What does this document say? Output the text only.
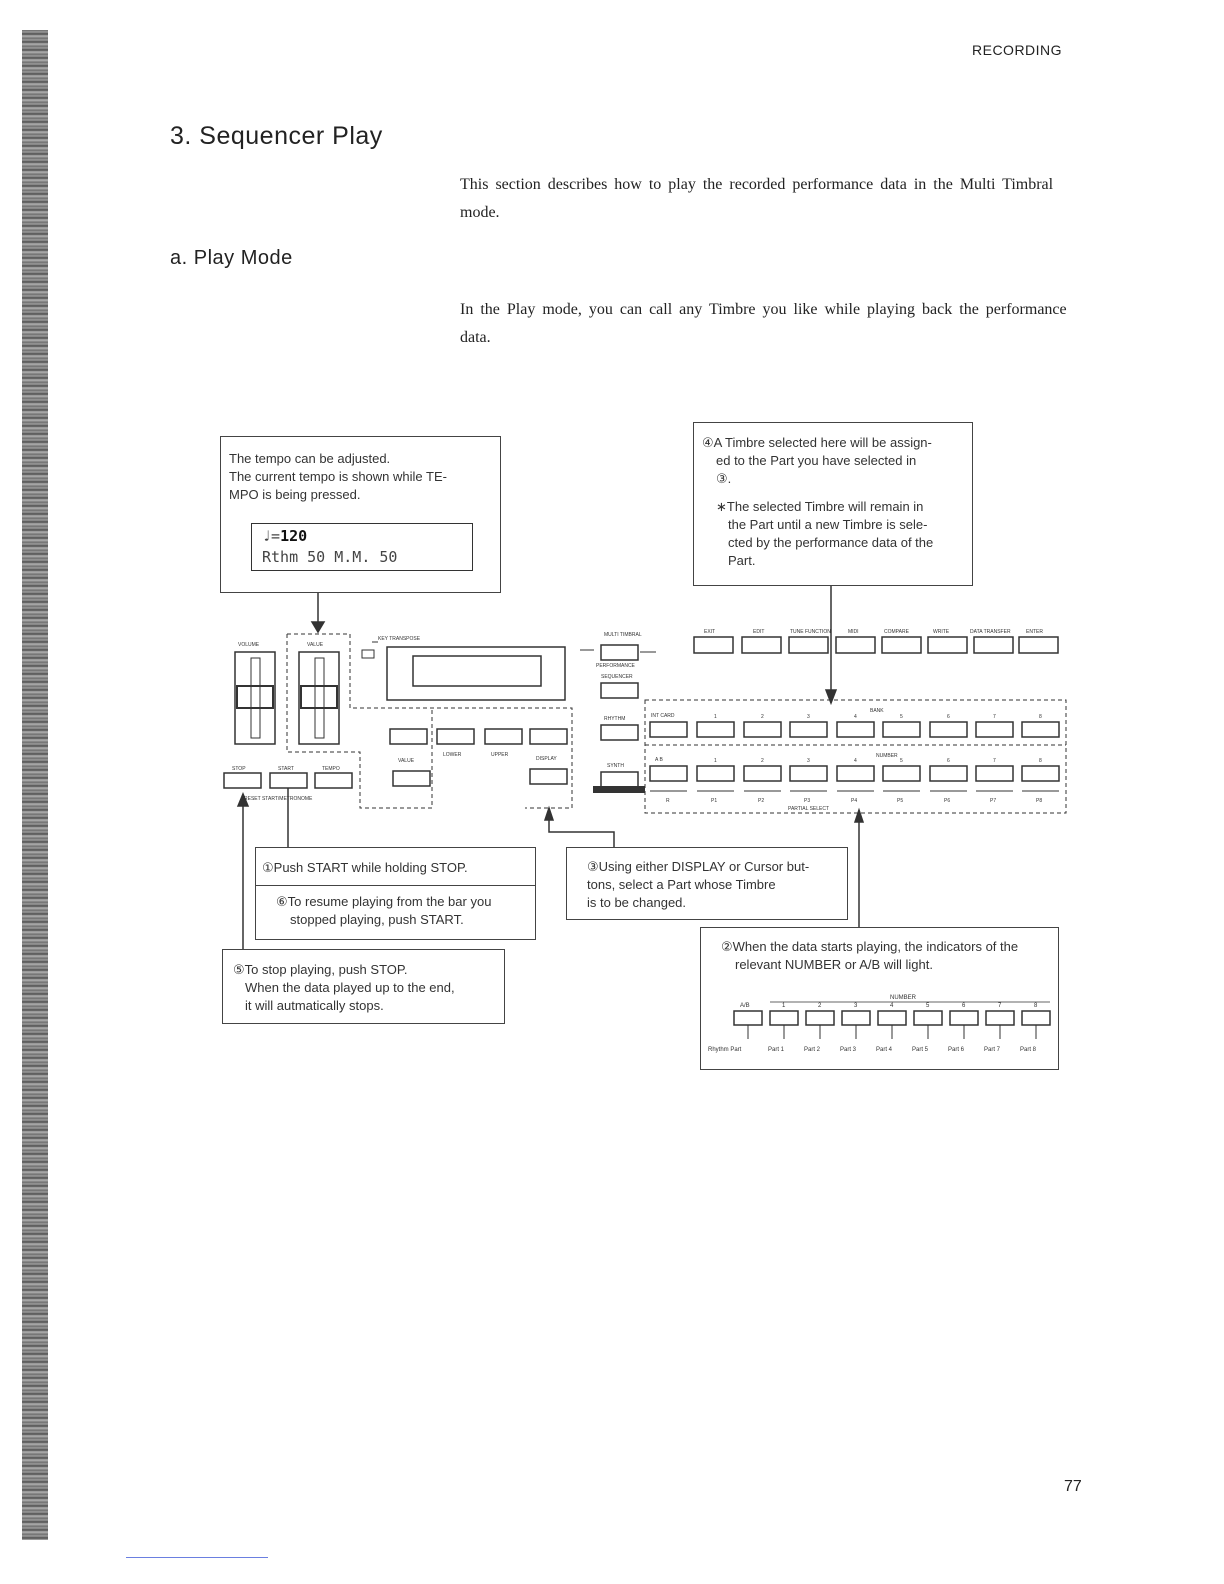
RECORDING
3. Sequencer Play
a. Play Mode
This section describes how to play the recorded performance data in the Multi Timbral mode.
In the Play mode, you can call any Timbre you like while playing back the performance data.
VOLUME	VALUE
KEY TRANSPOSE
STOP	START	TEMPO
RESET START/METRONOME
LOWER	UPPER
DISPLAY
VALUE
MULTI TIMBRAL
PERFORMANCE
SEQUENCER
RHYTHM
SYNTH
INT CARD
A B
BANK
NUMBER
PARTIAL SELECT
EXIT	EDIT	TUNE FUNCTION	MIDI	COMPARE	WRITE	DATA TRANSFER	ENTER
1	2	3	4	5	6	7	8
1	2	3	4	5	6	7	8
R	P1	P2	P3	P4	P5	P6	P7	P8
The tempo can be adjusted.
The current tempo is shown while TE-
MPO is being pressed.
♩=120
Rthm 50 M.M. 50
④A Timbre selected here will be assign-
ed to the Part you have selected in
③.
∗The selected Timbre will remain in
the Part until a new Timbre is sele-
cted by the performance data of the
Part.
①Push START while holding STOP.
⑥To resume playing from the bar you
stopped playing, push START.
⑤To stop playing, push STOP.
When the data played up to the end,
it will autmatically stops.
③Using either DISPLAY or Cursor but-
tons, select a Part whose Timbre
is to be changed.
②When the data starts playing, the indicators of the
relevant NUMBER or A/B will light.
A/B
NUMBER
1	2	3	4	5	6	7	8
Rhythm Part	Part 1	Part 2	Part 3	Part 4	Part 5	Part 6	Part 7	Part 8
77
